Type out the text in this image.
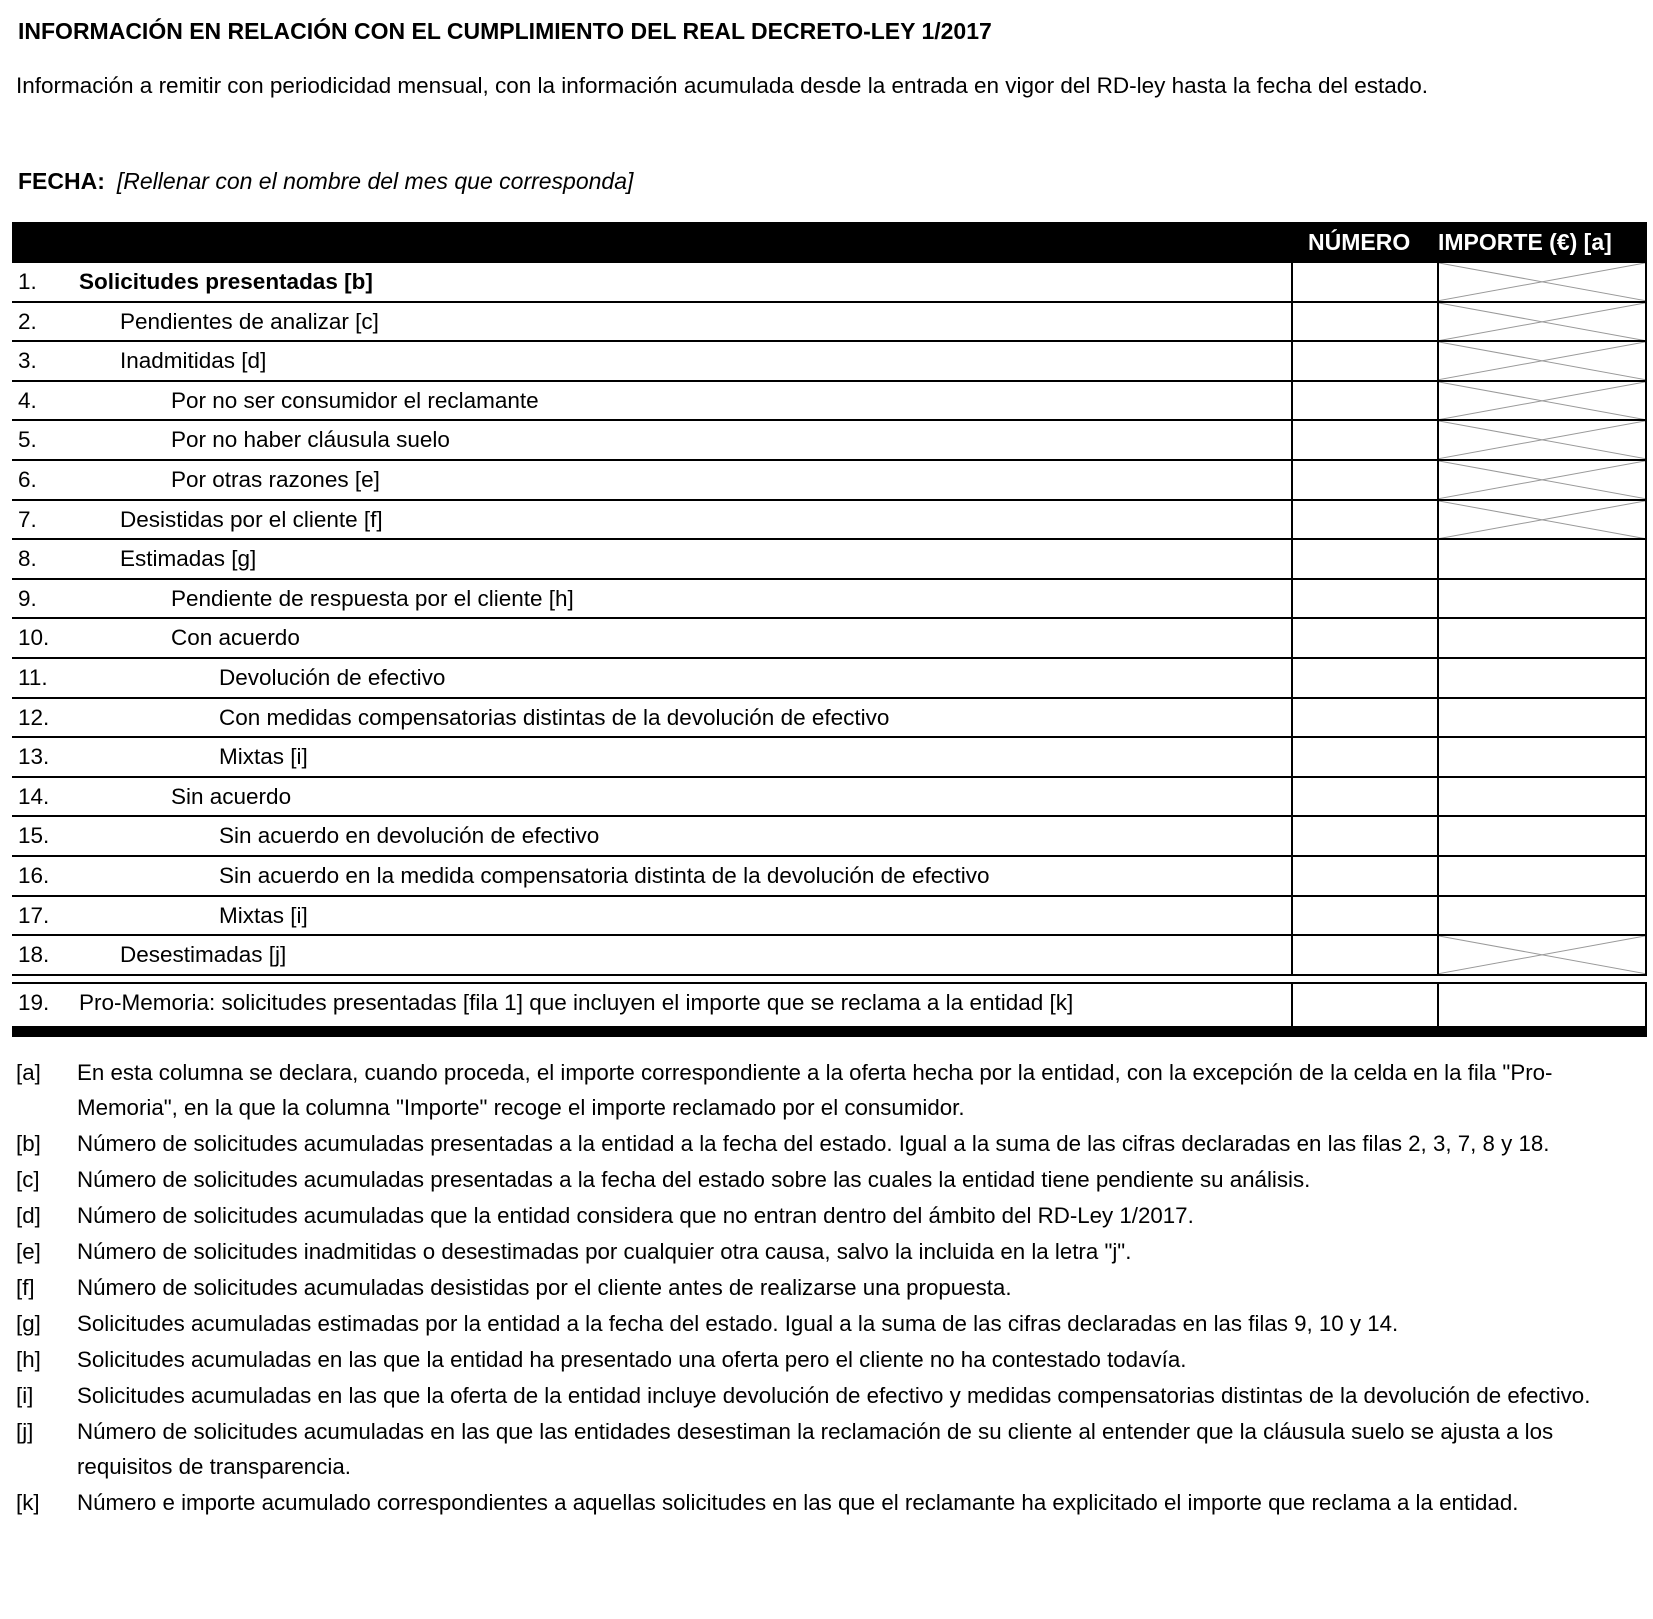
INFORMACIÓN EN RELACIÓN CON EL CUMPLIMIENTO DEL REAL DECRETO-LEY 1/2017
Información a remitir con periodicidad mensual, con la información acumulada desde la entrada en vigor del RD-ley hasta la fecha del estado.
FECHA: [Rellenar con el nombre del mes que corresponda]
NÚMERO IMPORTE (€) [a]
1. Solicitudes presentadas [b]
2.	Pendientes de analizar [c]
3.	Inadmitidas [d]
4.	Por no ser consumidor el reclamante
5.	Por no haber cláusula suelo
6.	Por otras razones [e]
7.	Desistidas por el cliente [f]
8.	Estimadas [g]
9.	Pendiente de respuesta por el cliente [h]
10.	Con acuerdo
11.	Devolución de efectivo
12.	Con medidas compensatorias distintas de la devolución de efectivo
13.	Mixtas [i]
14.	Sin acuerdo
15.	Sin acuerdo en devolución de efectivo
16.	Sin acuerdo en la medida compensatoria distinta de la devolución de efectivo
17.	Mixtas [i]
18.	Desestimadas [j]
19. Pro-Memoria: solicitudes presentadas [fila 1] que incluyen el importe que se reclama a la entidad [k]
[a] En esta columna se declara, cuando proceda, el importe correspondiente a la oferta hecha por la entidad, con la excepción de la celda en la fila "Pro-Memoria", en la que la columna "Importe" recoge el importe reclamado por el consumidor.
[b] Número de solicitudes acumuladas presentadas a la entidad a la fecha del estado. Igual a la suma de las cifras declaradas en las filas 2, 3, 7, 8 y 18.
[c] Número de solicitudes acumuladas presentadas a la fecha del estado sobre las cuales la entidad tiene pendiente su análisis.
[d] Número de solicitudes acumuladas que la entidad considera que no entran dentro del ámbito del RD-Ley 1/2017.
[e] Número de solicitudes inadmitidas o desestimadas por cualquier otra causa, salvo la incluida en la letra "j".
[f] Número de solicitudes acumuladas desistidas por el cliente antes de realizarse una propuesta.
[g] Solicitudes acumuladas estimadas por la entidad a la fecha del estado. Igual a la suma de las cifras declaradas en las filas 9, 10 y 14.
[h] Solicitudes acumuladas en las que la entidad ha presentado una oferta pero el cliente no ha contestado todavía.
[i] Solicitudes acumuladas en las que la oferta de la entidad incluye devolución de efectivo y medidas compensatorias distintas de la devolución de efectivo.
[j] Número de solicitudes acumuladas en las que las entidades desestiman la reclamación de su cliente al entender que la cláusula suelo se ajusta a los requisitos de transparencia.
[k] Número e importe acumulado correspondientes a aquellas solicitudes en las que el reclamante ha explicitado el importe que reclama a la entidad.
